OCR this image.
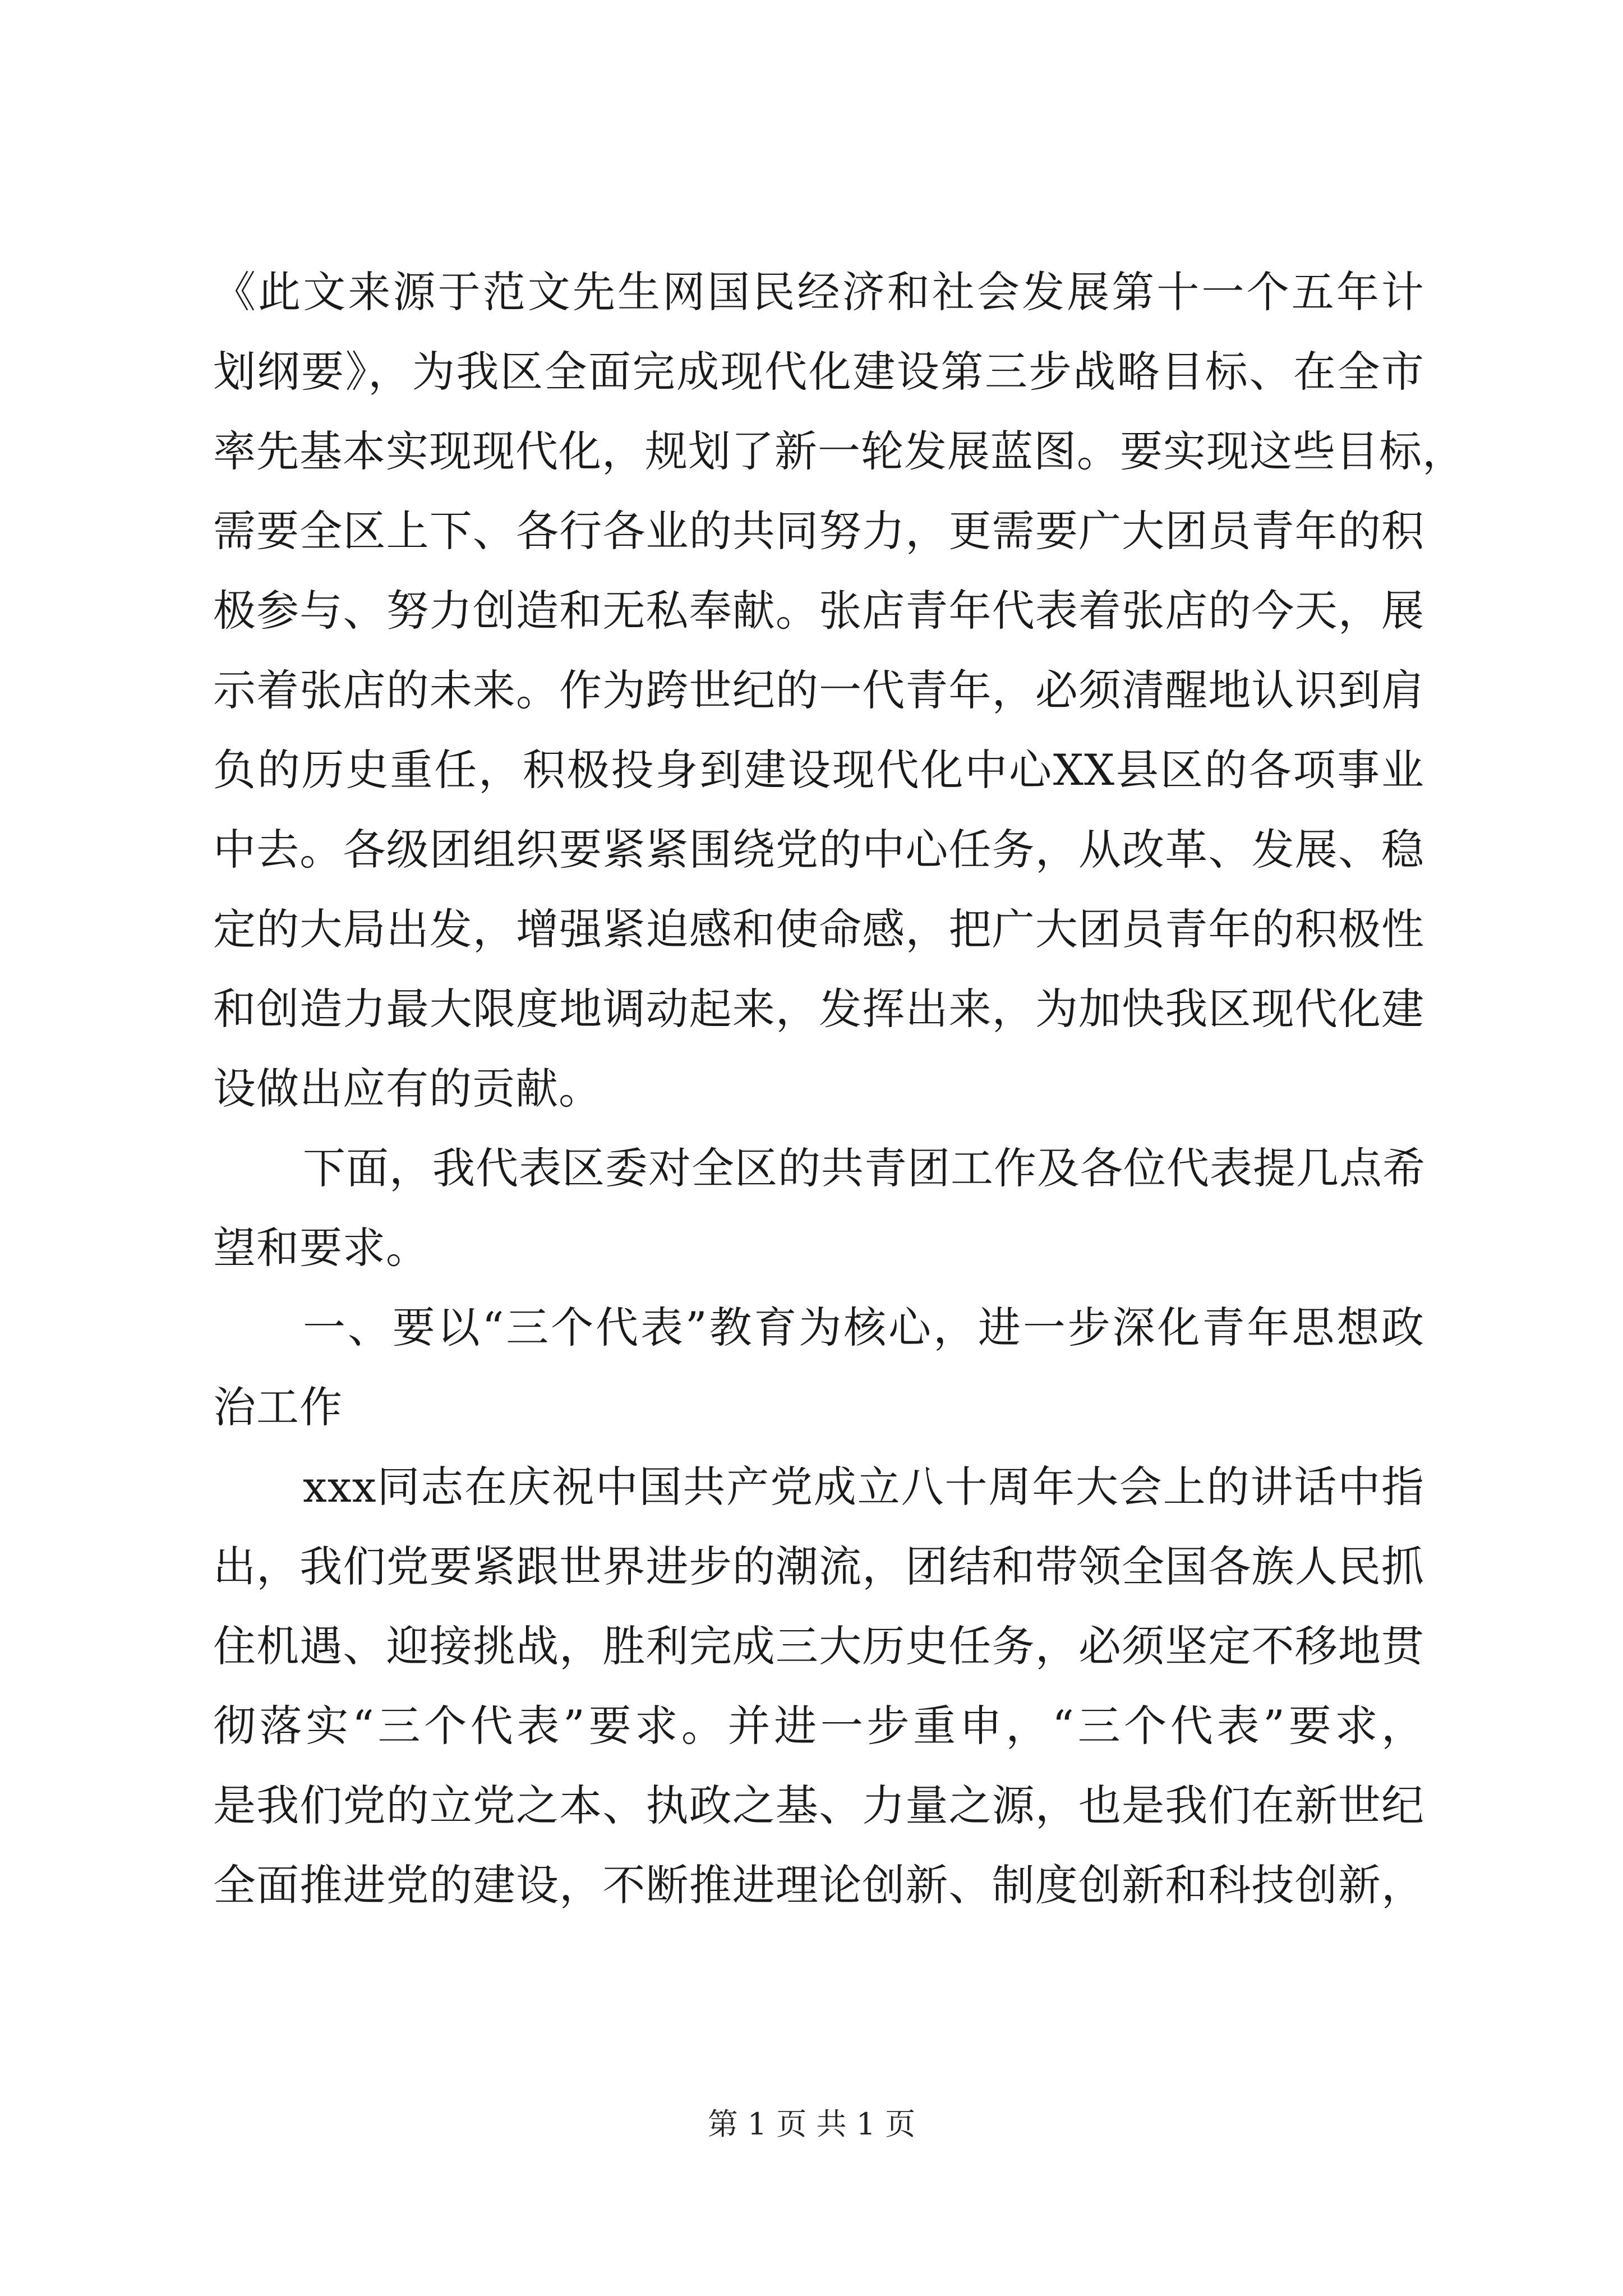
《此文来源于范文先生网国民经济和社会发展第十一个五年计
划纲要》，为我区全面完成现代化建设第三步战略目标、在全市
率先基本实现现代化，规划了新一轮发展蓝图。要实现这些目标，
需要全区上下、各行各业的共同努力，更需要广大团员青年的积
极参与、努力创造和无私奉献。张店青年代表着张店的今天，展
示着张店的未来。作为跨世纪的一代青年，必须清醒地认识到肩
负的历史重任，积极投身到建设现代化中心XX县区的各项事业
中去。各级团组织要紧紧围绕党的中心任务，从改革、发展、稳
定的大局出发，增强紧迫感和使命感，把广大团员青年的积极性
和创造力最大限度地调动起来，发挥出来，为加快我区现代化建
设做出应有的贡献。
下面，我代表区委对全区的共青团工作及各位代表提几点希
望和要求。
一、要以“三个代表”教育为核心，进一步深化青年思想政
治工作
xxx同志在庆祝中国共产党成立八十周年大会上的讲话中指
出，我们党要紧跟世界进步的潮流，团结和带领全国各族人民抓
住机遇、迎接挑战，胜利完成三大历史任务，必须坚定不移地贯
彻落实“三个代表”要求。并进一步重申，“三个代表”要求，
是我们党的立党之本、执政之基、力量之源，也是我们在新世纪
全面推进党的建设，不断推进理论创新、制度创新和科技创新，
第 1 页 共 1 页
